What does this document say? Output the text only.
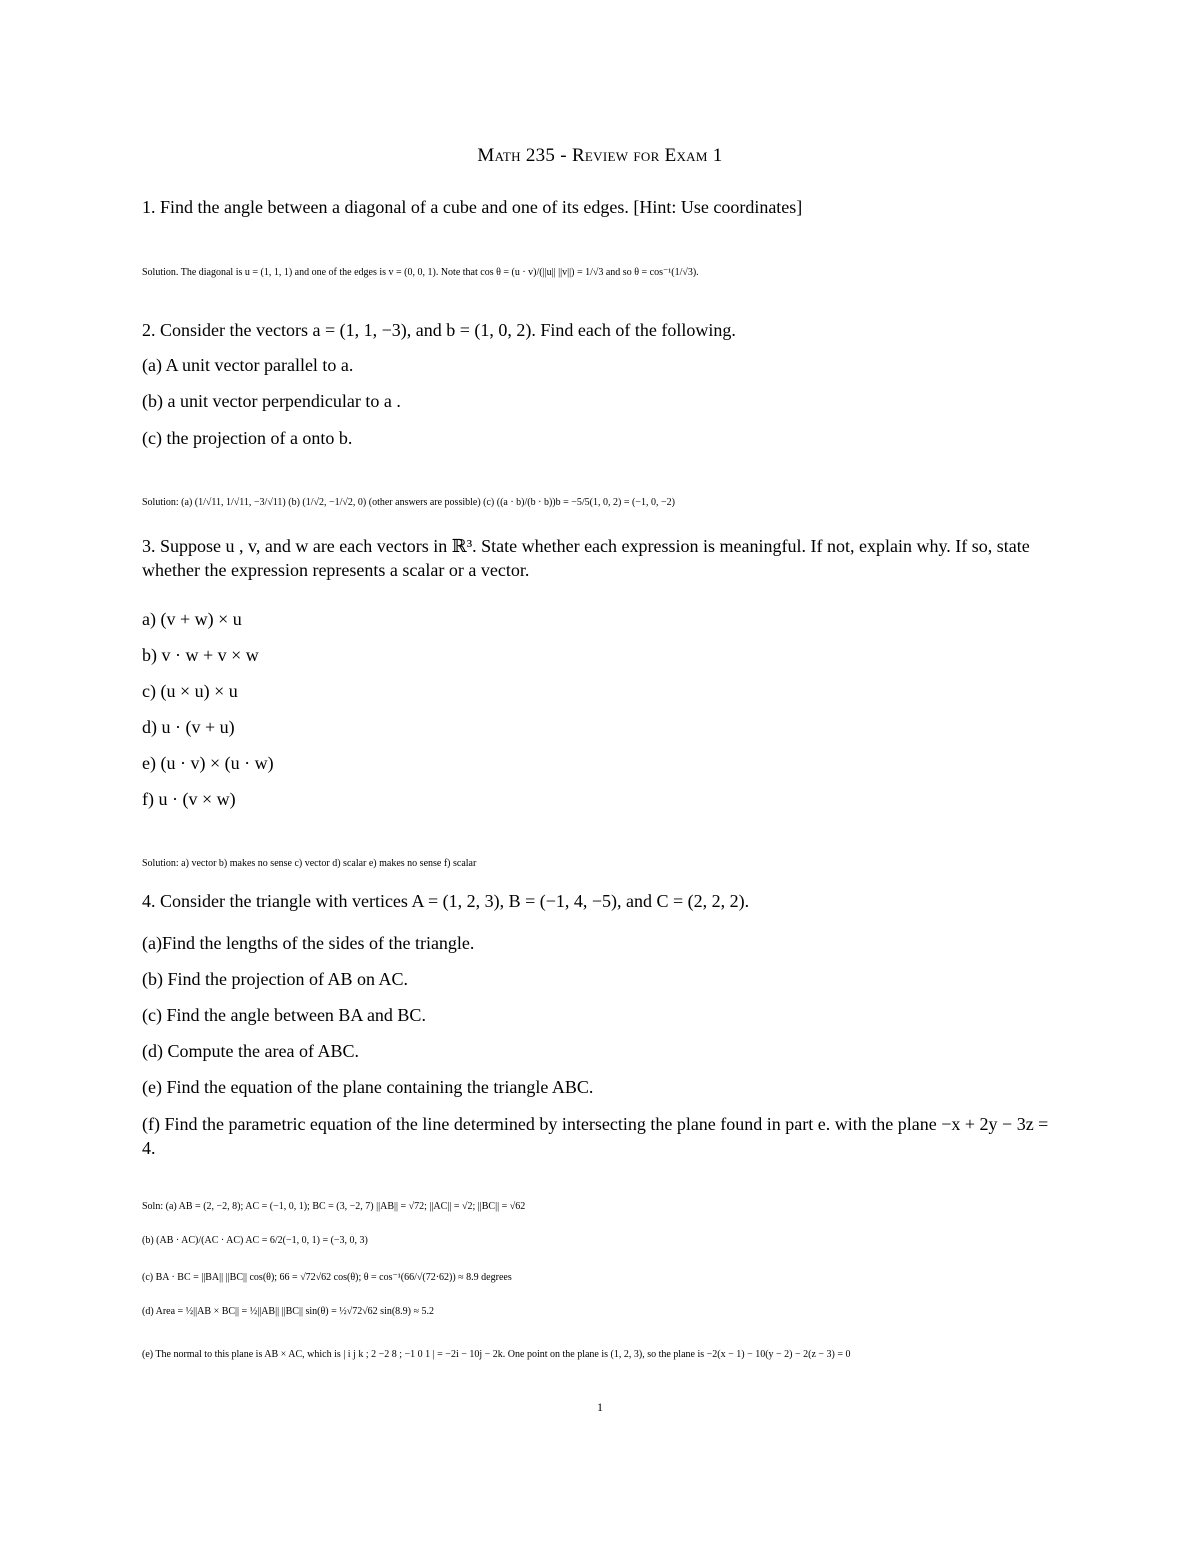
Math 235 - Review for Exam 1
1. Find the angle between a diagonal of a cube and one of its edges. [Hint: Use coordinates]
Solution. The diagonal is u = (1, 1, 1) and one of the edges is v = (0, 0, 1). Note that cos θ = (u · v)/(||u|| ||v||) = 1/√3 and so θ = cos⁻¹(1/√3).
2. Consider the vectors a = (1, 1, −3), and b = (1, 0, 2). Find each of the following.
(a) A unit vector parallel to a.
(b) a unit vector perpendicular to a .
(c) the projection of a onto b.
Solution: (a) (1/√11, 1/√11, −3/√11) (b) (1/√2, −1/√2, 0) (other answers are possible) (c) ((a · b)/(b · b))b = −5/5(1, 0, 2) = (−1, 0, −2)
3. Suppose u , v, and w are each vectors in ℝ³. State whether each expression is meaningful. If not, explain why. If so, state whether the expression represents a scalar or a vector.
a) (v + w) × u
b) v · w + v × w
c) (u × u) × u
d) u · (v + u)
e) (u · v) × (u · w)
f) u · (v × w)
Solution: a) vector b) makes no sense c) vector d) scalar e) makes no sense f) scalar
4. Consider the triangle with vertices A = (1, 2, 3), B = (−1, 4, −5), and C = (2, 2, 2).
(a)Find the lengths of the sides of the triangle.
(b) Find the projection of AB on AC.
(c) Find the angle between BA and BC.
(d) Compute the area of ABC.
(e) Find the equation of the plane containing the triangle ABC.
(f) Find the parametric equation of the line determined by intersecting the plane found in part e. with the plane −x + 2y − 3z = 4.
Soln: (a) AB = (2, −2, 8); AC = (−1, 0, 1); BC = (3, −2, 7) ||AB|| = √72; ||AC|| = √2; ||BC|| = √62
(b) (AB · AC)/(AC · AC) AC = 6/2(−1, 0, 1) = (−3, 0, 3)
(c) BA · BC = ||BA|| ||BC|| cos(θ); 66 = √72√62 cos(θ); θ = cos⁻¹(66/√(72·62)) ≈ 8.9 degrees
(d) Area = ½||AB × BC|| = ½||AB|| ||BC|| sin(θ) = ½√72√62 sin(8.9) ≈ 5.2
(e) The normal to this plane is AB × AC, which is | i j k ; 2 −2 8 ; −1 0 1 | = −2i − 10j − 2k. One point on the plane is (1, 2, 3), so the plane is −2(x − 1) − 10(y − 2) − 2(z − 3) = 0
1
